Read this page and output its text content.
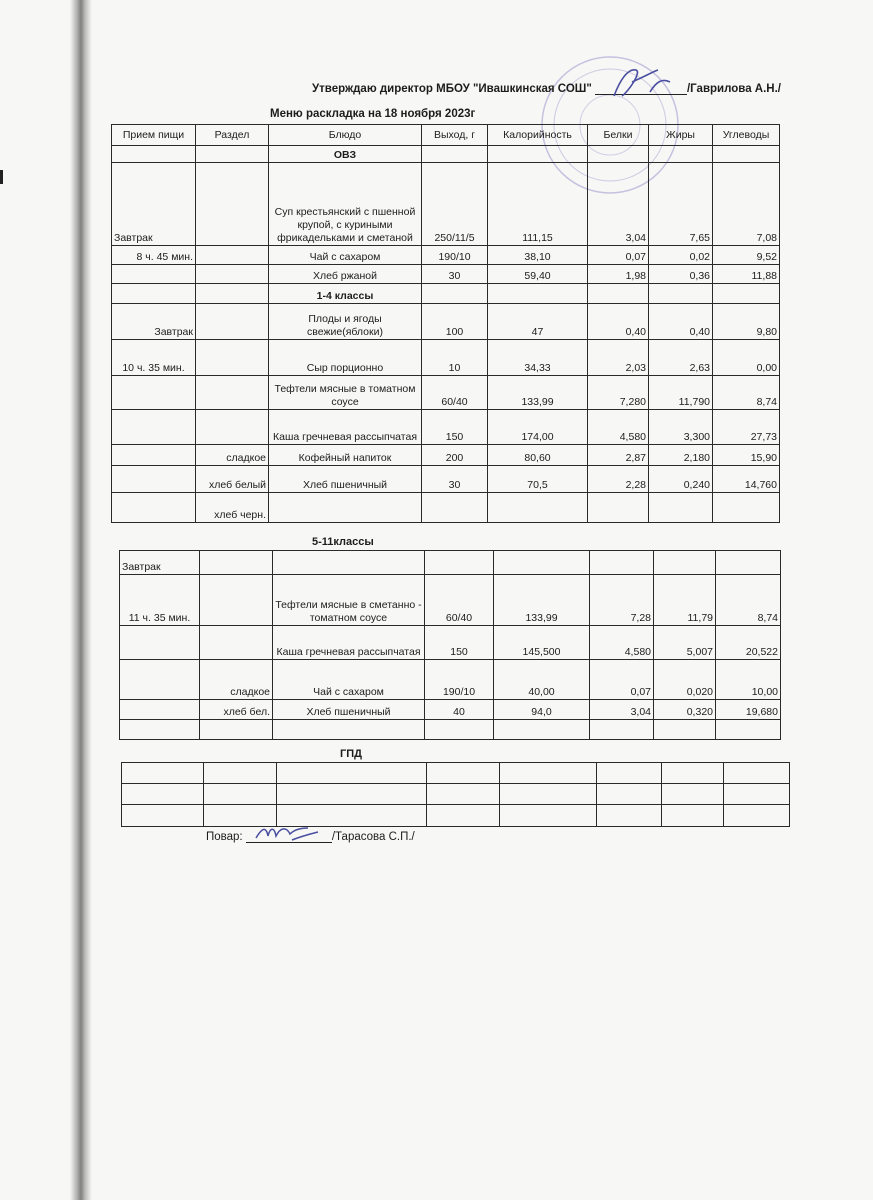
Утверждаю директор МБОУ "Ивашкинская СОШ"	/Гаврилова А.Н./
Меню раскладка на 18 ноября 2023г
Прием пищи	Раздел	Блюдо	Выход, г	Калорийность	Белки	Жиры	Углеводы
		ОВЗ					
Завтрак		Суп крестьянский с пшенной крупой, с куриными фрикадельками и сметаной	250/11/5	111,15	3,04	7,65	7,08
8 ч. 45 мин.		Чай с сахаром	190/10	38,10	0,07	0,02	9,52
		Хлеб ржаной	30	59,40	1,98	0,36	11,88
		1-4 классы					
Завтрак		Плоды и ягоды свежие(яблоки)	100	47	0,40	0,40	9,80
10 ч. 35 мин.		Сыр порционно	10	34,33	2,03	2,63	0,00
		Тефтели мясные в томатном соусе	60/40	133,99	7,280	11,790	8,74
		Каша гречневая рассыпчатая	150	174,00	4,580	3,300	27,73
	сладкое	Кофейный напиток	200	80,60	2,87	2,180	15,90
	хлеб белый	Хлеб пшеничный	30	70,5	2,28	0,240	14,760
	хлеб черн.						
5-11классы
Завтрак							
11 ч. 35 мин.		Тефтели мясные в сметанно - томатном соусе	60/40	133,99	7,28	11,79	8,74
		Каша гречневая рассыпчатая	150	145,500	4,580	5,007	20,522
	сладкое	Чай с сахаром	190/10	40,00	0,07	0,020	10,00
	хлеб бел.	Хлеб пшеничный	40	94,0	3,04	0,320	19,680

ГПД

Повар:	/Тарасова С.П./
